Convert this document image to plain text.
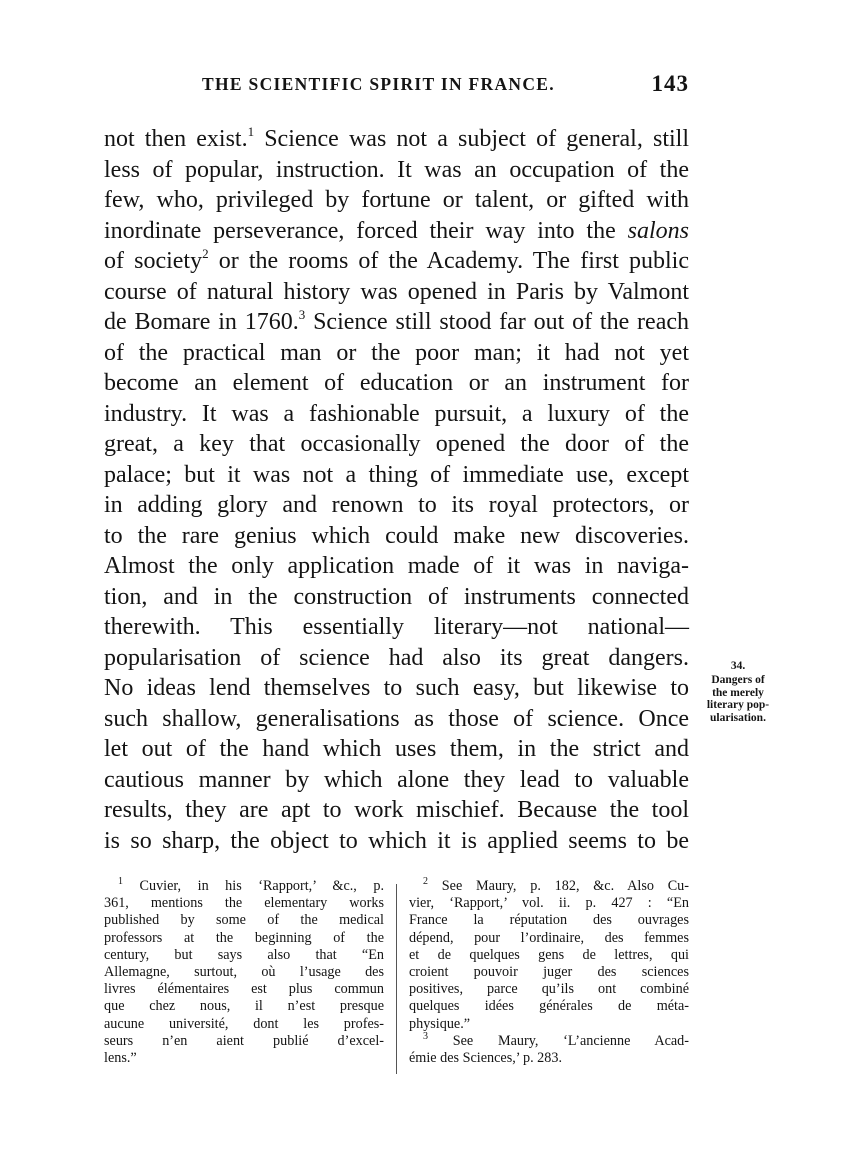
THE SCIENTIFIC SPIRIT IN FRANCE.	143
not then exist.$^1$ Science was not a subject of general, still
less of popular, instruction. It was an occupation of the
few, who, privileged by fortune or talent, or gifted with
inordinate perseverance, forced their way into the salons
of society$^2$ or the rooms of the Academy. The first public
course of natural history was opened in Paris by Valmont
de Bomare in 1760.$^3$ Science still stood far out of the reach
of the practical man or the poor man; it had not yet
become an element of education or an instrument for
industry. It was a fashionable pursuit, a luxury of the
great, a key that occasionally opened the door of the
palace; but it was not a thing of immediate use, except
in adding glory and renown to its royal protectors, or
to the rare genius which could make new discoveries.
Almost the only application made of it was in naviga-
tion, and in the construction of instruments connected
therewith. This essentially literary—not national—
popularisation of science had also its great dangers.
No ideas lend themselves to such easy, but likewise to
such shallow, generalisations as those of science. Once
let out of the hand which uses them, in the strict and
cautious manner by which alone they lead to valuable
results, they are apt to work mischief. Because the tool
is so sharp, the object to which it is applied seems to be
34.
Dangers of
the merely
literary pop-
ularisation.
$^1$ Cuvier, in his ‘Rapport,’ &c., p.
361, mentions the elementary works
published by some of the medical
professors at the beginning of the
century, but says also that “En
Allemagne, surtout, où l’usage des
livres élémentaires est plus commun
que chez nous, il n’est presque
aucune université, dont les profes-
seurs n’en aient publié d’excel-
lens.”
$^2$ See Maury, p. 182, &c. Also Cu-
vier, ‘Rapport,’ vol. ii. p. 427 : “En
France la réputation des ouvrages
dépend, pour l’ordinaire, des femmes
et de quelques gens de lettres, qui
croient pouvoir juger des sciences
positives, parce qu’ils ont combiné
quelques idées générales de méta-
physique.”
$^3$ See Maury, ‘L’ancienne Acad-
émie des Sciences,’ p. 283.
